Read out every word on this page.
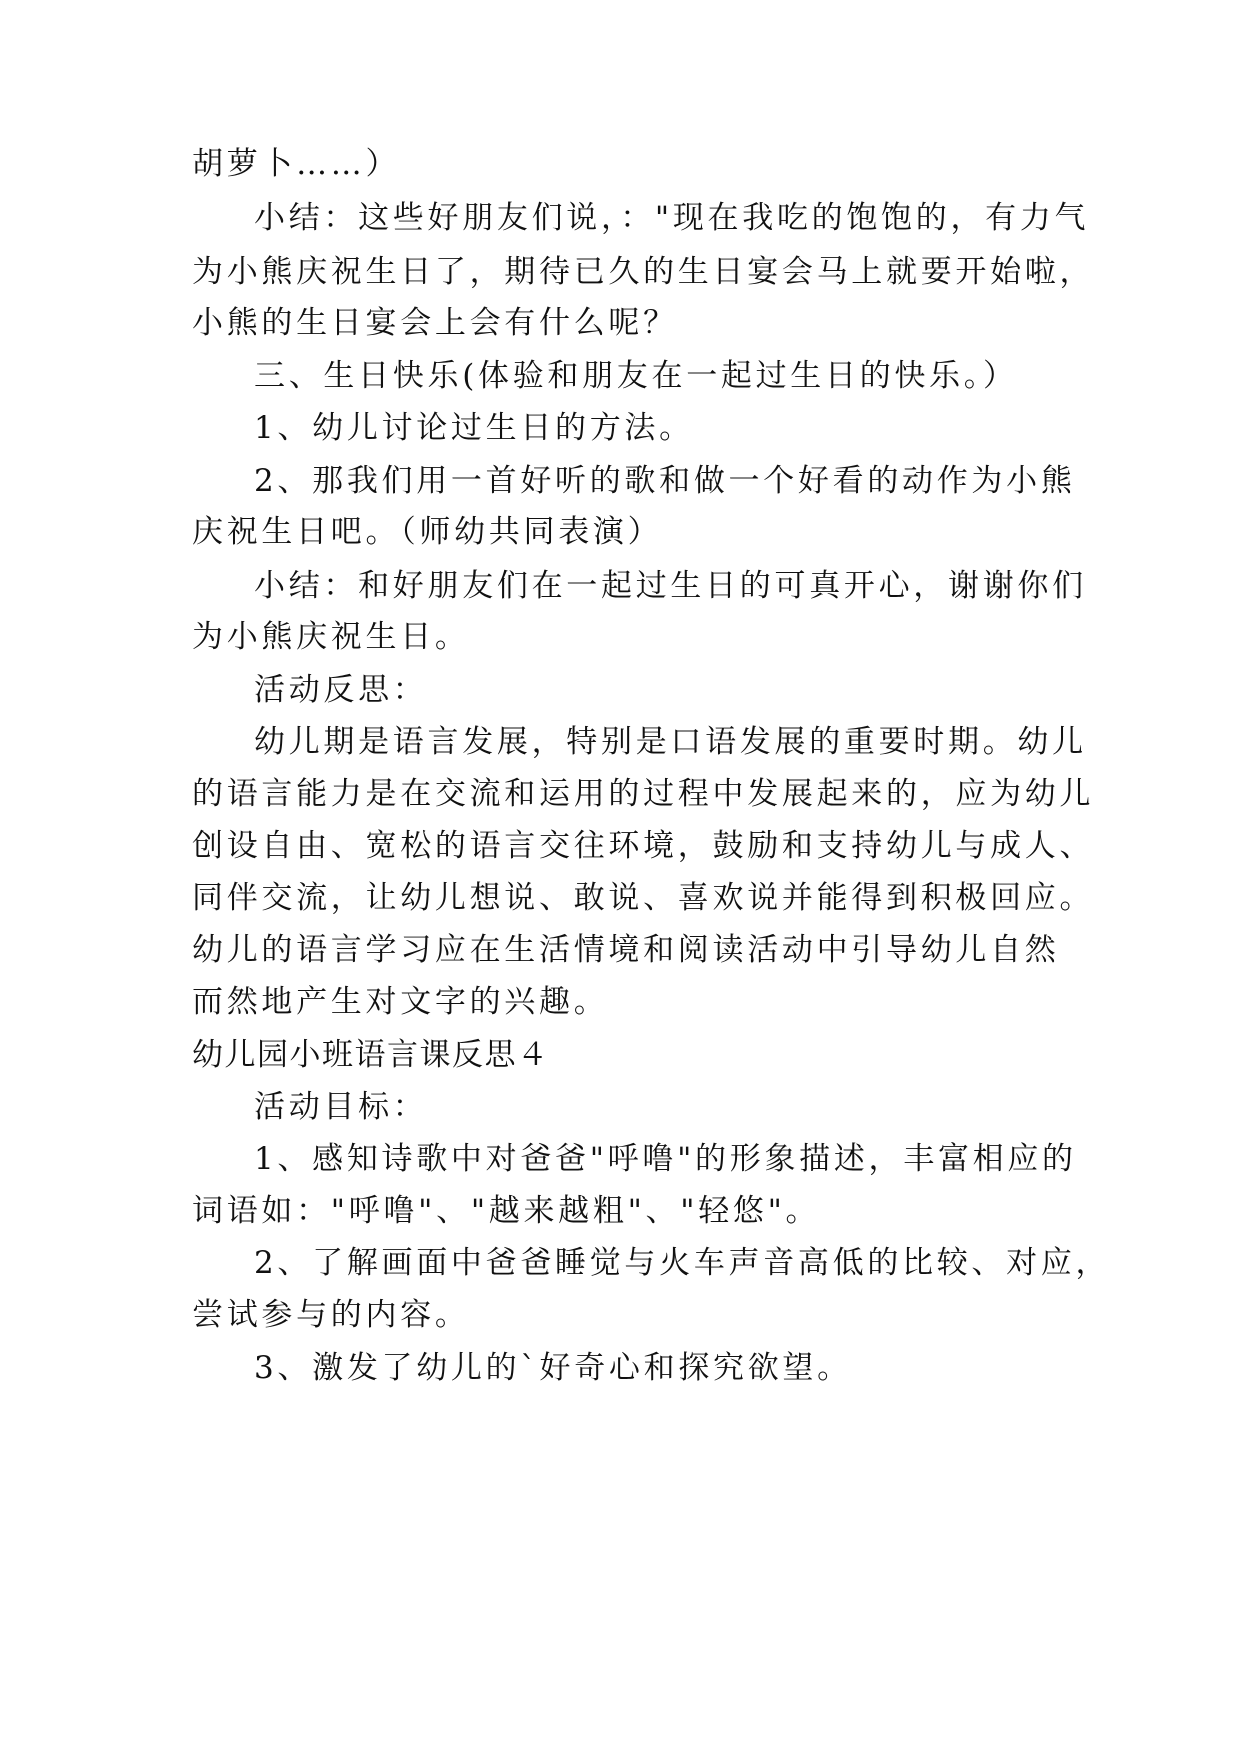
胡萝卜……）
小结：这些好朋友们说，："现在我吃的饱饱的，有力气
为小熊庆祝生日了，期待已久的生日宴会马上就要开始啦，
小熊的生日宴会上会有什么呢？
三、生日快乐(体验和朋友在一起过生日的快乐。）
1、幼儿讨论过生日的方法。
2、那我们用一首好听的歌和做一个好看的动作为小熊
庆祝生日吧。（师幼共同表演）
小结：和好朋友们在一起过生日的可真开心，谢谢你们
为小熊庆祝生日。
活动反思：
幼儿期是语言发展，特别是口语发展的重要时期。幼儿
的语言能力是在交流和运用的过程中发展起来的，应为幼儿
创设自由、宽松的语言交往环境，鼓励和支持幼儿与成人、
同伴交流，让幼儿想说、敢说、喜欢说并能得到积极回应。
幼儿的语言学习应在生活情境和阅读活动中引导幼儿自然
而然地产生对文字的兴趣。
幼儿园小班语言课反思４
活动目标：
1、感知诗歌中对爸爸"呼噜"的形象描述，丰富相应的
词语如："呼噜"、"越来越粗"、"轻悠"。
2、了解画面中爸爸睡觉与火车声音高低的比较、对应，
尝试参与的内容。
3、激发了幼儿的`好奇心和探究欲望。
